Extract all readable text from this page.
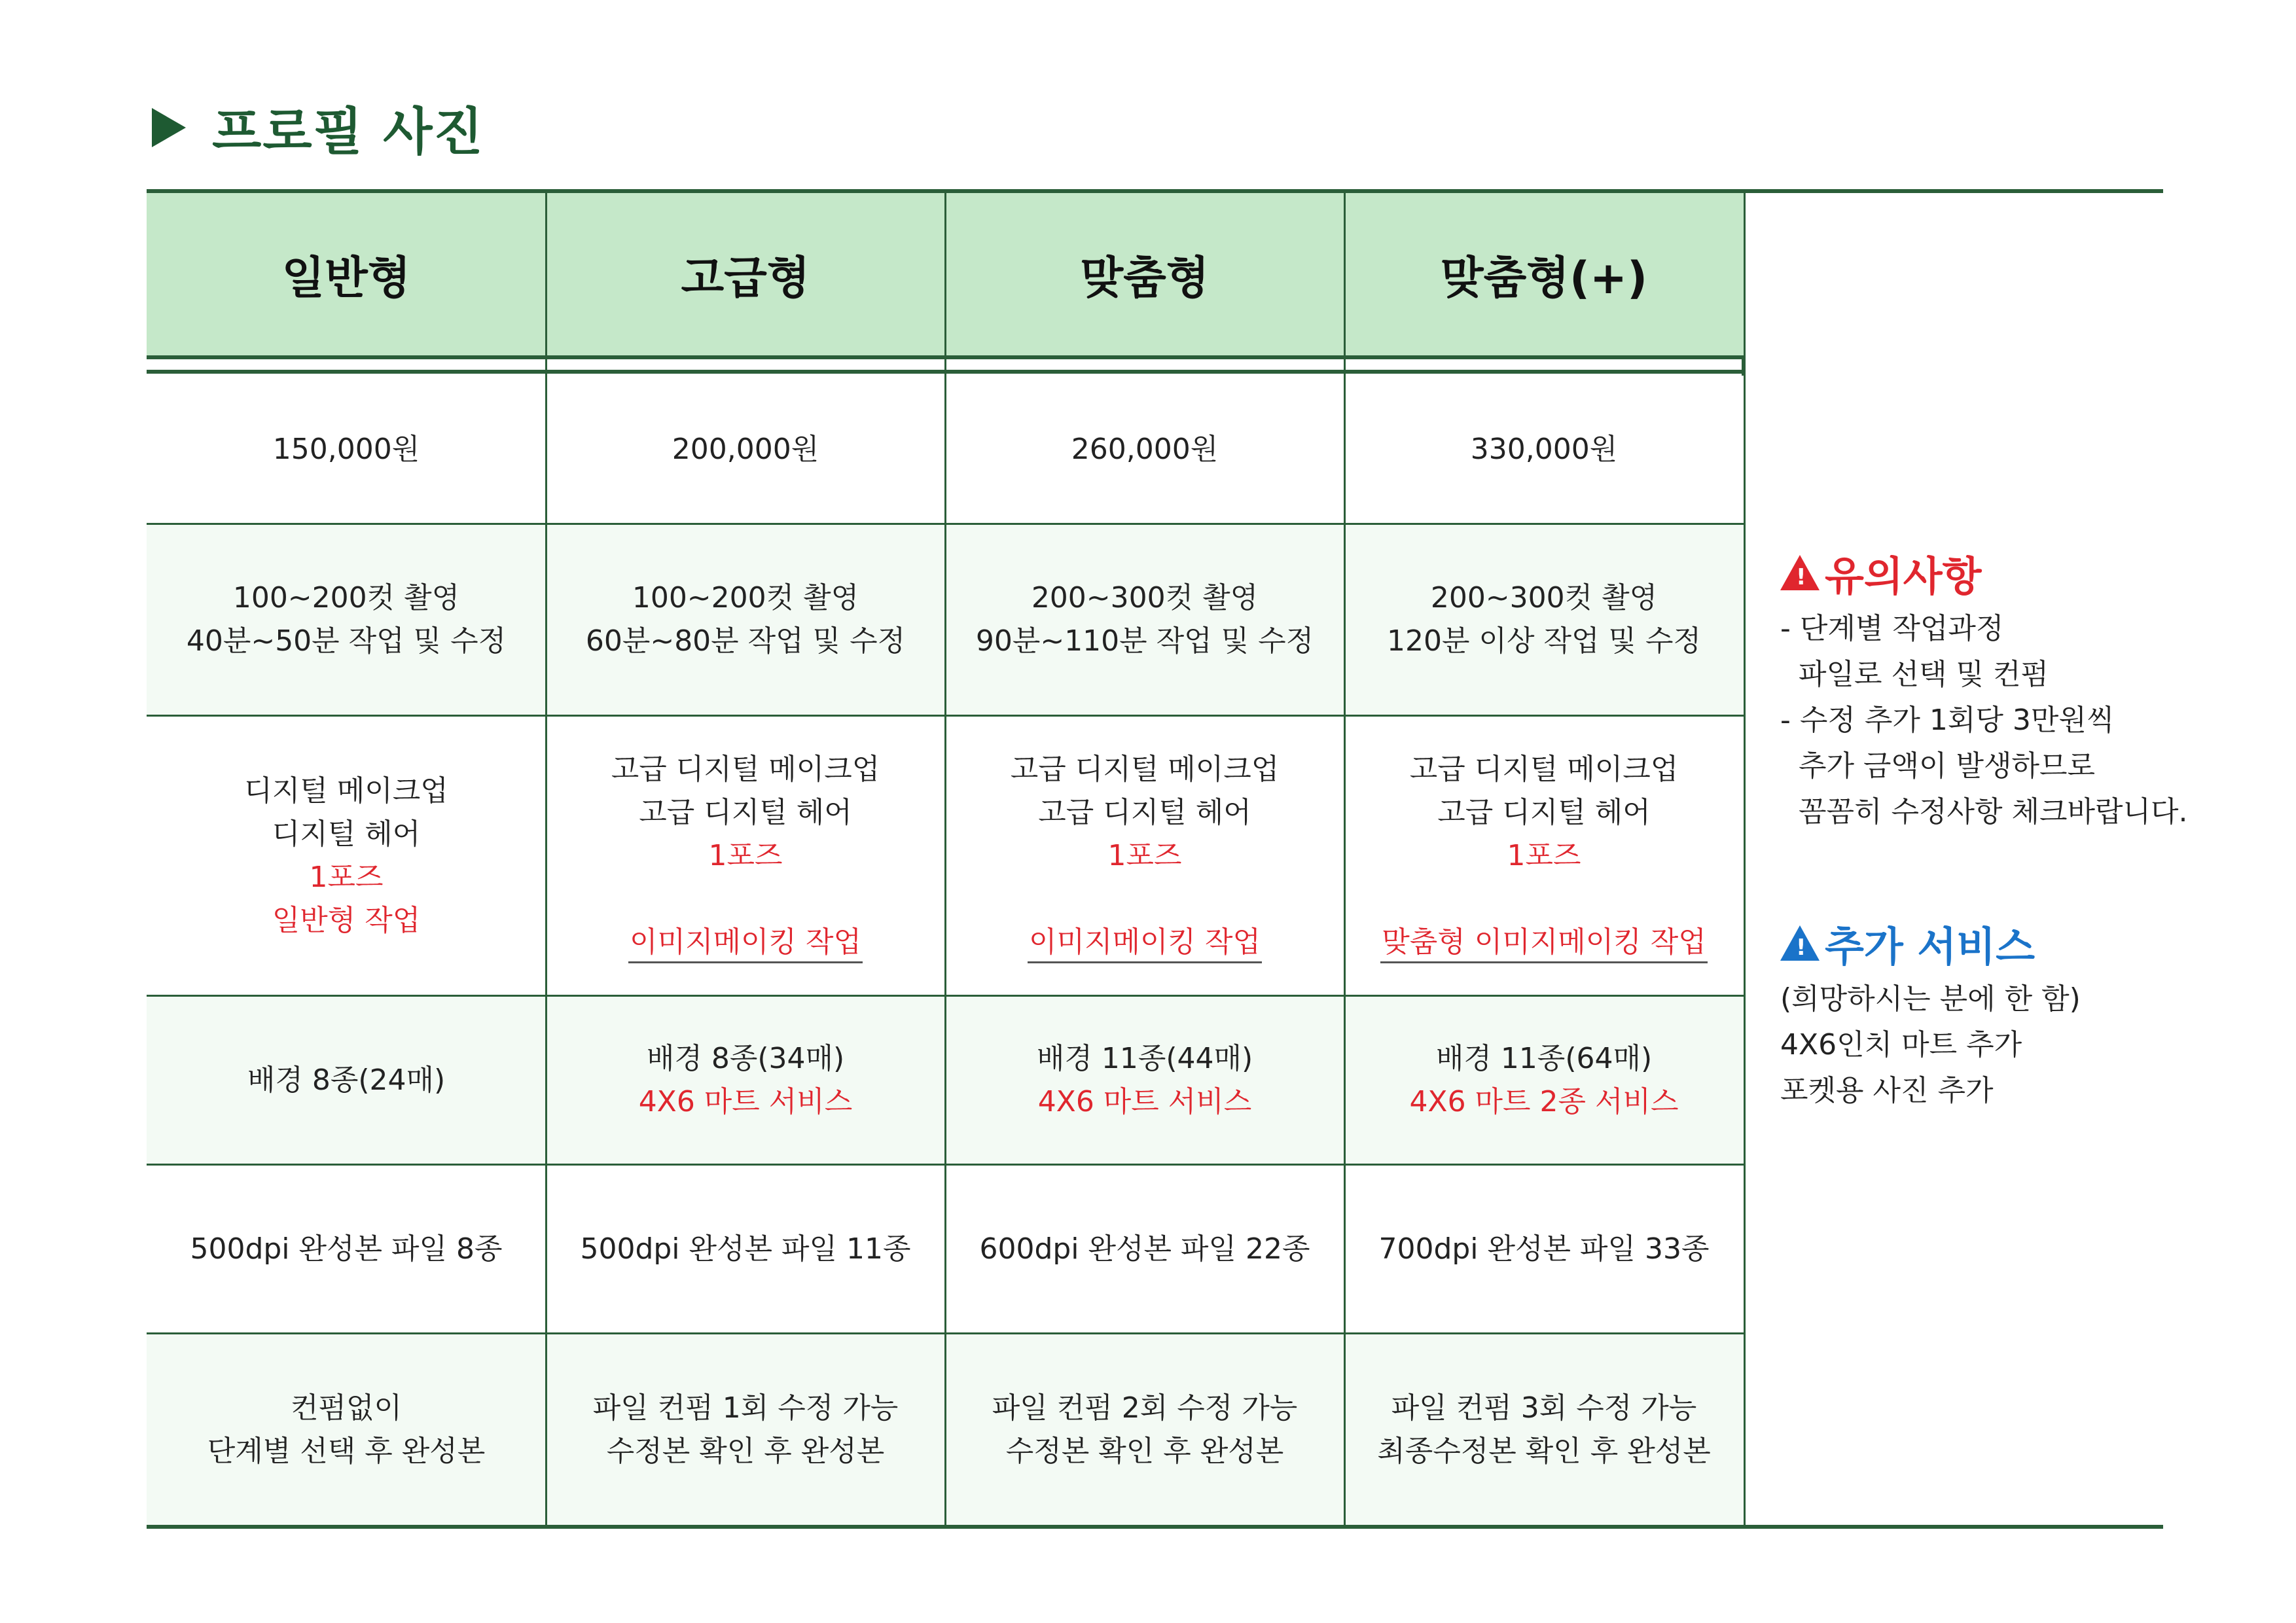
프로필 사진
일반형
150,000원
100~200컷 촬영
40분~50분 작업 및 수정
디지털 메이크업
디지털 헤어
1포즈
일반형 작업
배경 8종(24매)
500dpi 완성본 파일 8종
컨펌없이
단계별 선택 후 완성본
고급형
200,000원
100~200컷 촬영
60분~80분 작업 및 수정
고급 디지털 메이크업
고급 디지털 헤어
1포즈
이미지메이킹 작업
배경 8종(34매)
4X6 마트 서비스
500dpi 완성본 파일 11종
파일 컨펌 1회 수정 가능
수정본 확인 후 완성본
맞춤형
260,000원
200~300컷 촬영
90분~110분 작업 및 수정
고급 디지털 메이크업
고급 디지털 헤어
1포즈
이미지메이킹 작업
배경 11종(44매)
4X6 마트 서비스
600dpi 완성본 파일 22종
파일 컨펌 2회 수정 가능
수정본 확인 후 완성본
맞춤형(+)
330,000원
200~300컷 촬영
120분 이상 작업 및 수정
고급 디지털 메이크업
고급 디지털 헤어
1포즈
맞춤형 이미지메이킹 작업
배경 11종(64매)
4X6 마트 2종 서비스
700dpi 완성본 파일 33종
파일 컨펌 3회 수정 가능
최종수정본 확인 후 완성본
! 유의사항
- 단계별 작업과정
파일로 선택 및 컨펌
- 수정 추가 1회당 3만원씩
추가 금액이 발생하므로
꼼꼼히 수정사항 체크바랍니다.
! 추가 서비스
(희망하시는 분에 한 함)
4X6인치 마트 추가
포켓용 사진 추가
